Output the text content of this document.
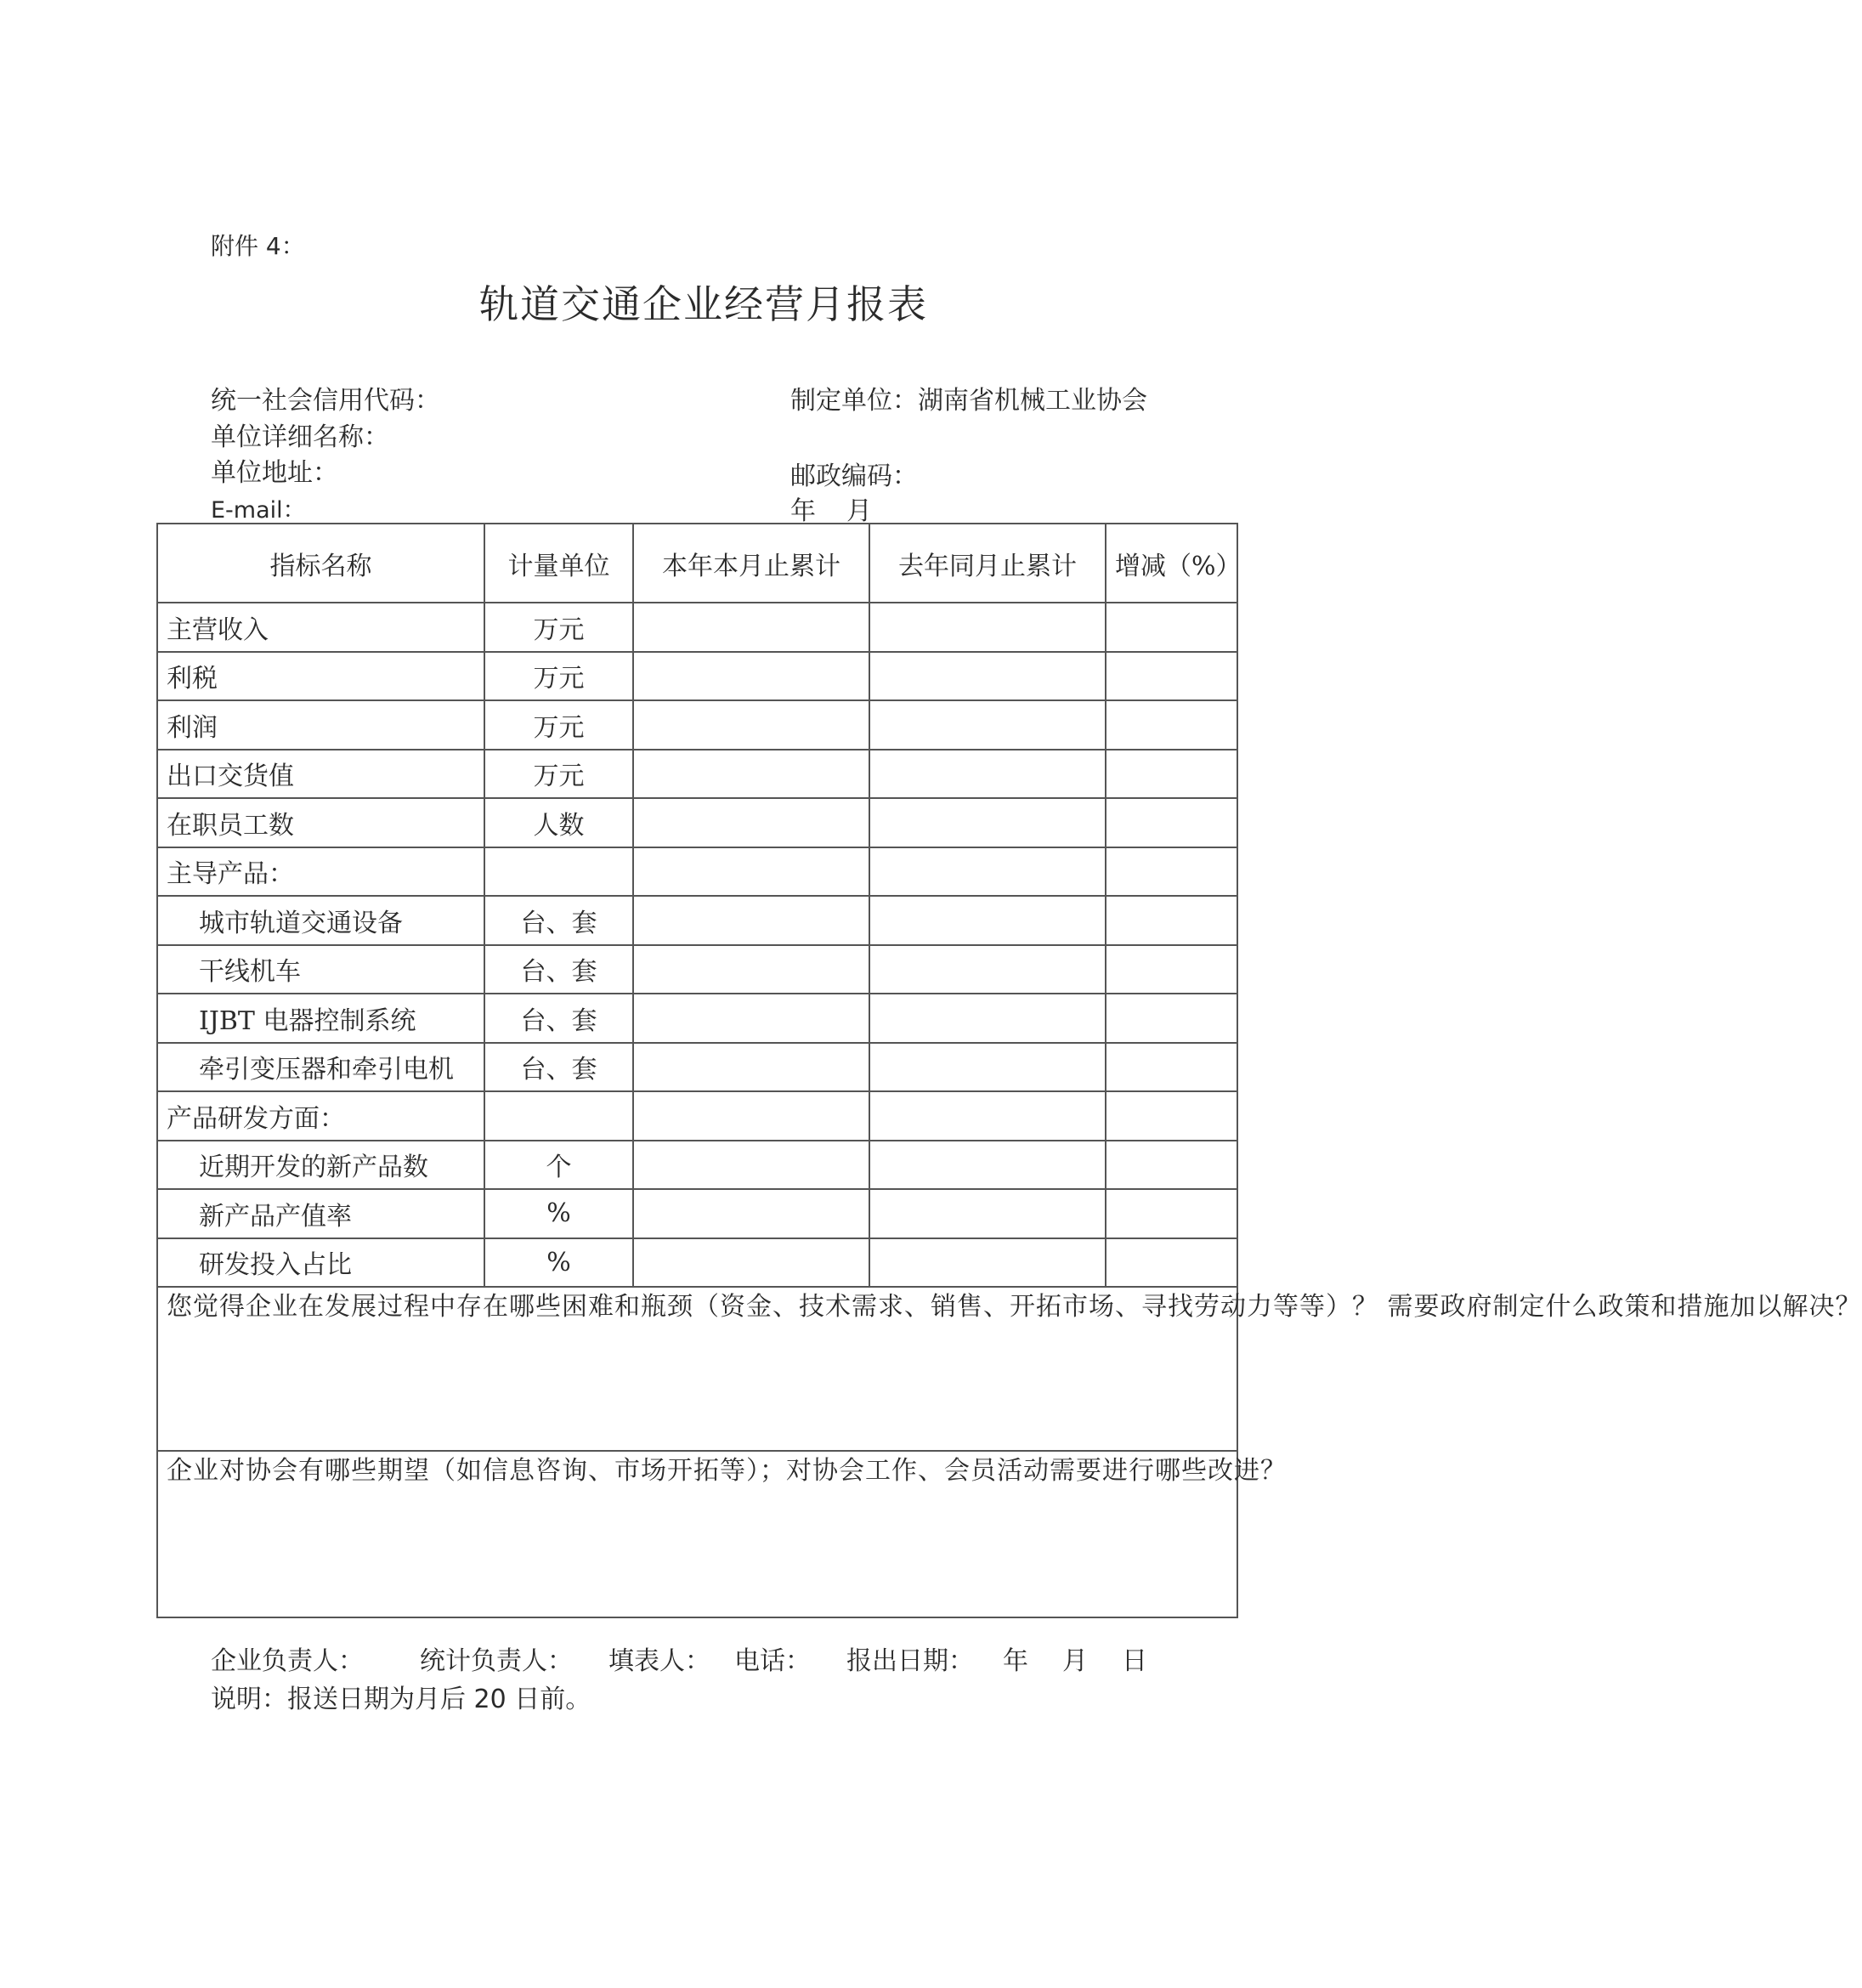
附件 4：
轨道交通企业经营月报表
统一社会信用代码：	制定单位：湖南省机械工业协会
单位详细名称：
单位地址：	邮政编码：
E-mail：	年 月
指标名称	计量单位	本年本月止累计	去年同月止累计	增减（%）
主营收入	万元			
利税	万元			
利润	万元			
出口交货值	万元			
在职员工数	人数			
主导产品：				
城市轨道交通设备	台、套			
干线机车	台、套			
IJBT 电器控制系统	台、套			
牵引变压器和牵引电机	台、套			
产品研发方面：				
近期开发的新产品数	个			
新产品产值率	%			
研发投入占比	%			
您觉得企业在发展过程中存在哪些困难和瓶颈（资金、技术需求、销售、开拓市场、寻找劳动力等等）？ 需要政府制定什么政策和措施加以解决？				
企业对协会有哪些期望（如信息咨询、市场开拓等）；对协会工作、会员活动需要进行哪些改进？				
企业负责人： 统计负责人： 填表人： 电话： 报出日期： 年 月 日
说明：报送日期为月后 20 日前。
